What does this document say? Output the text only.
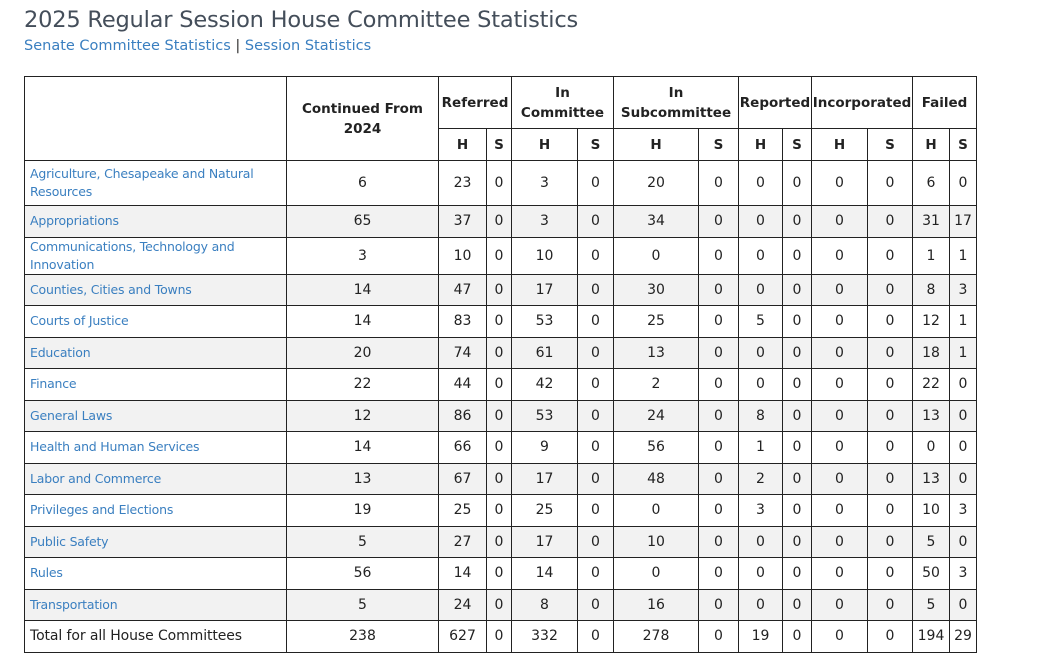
2025 Regular Session House Committee Statistics
Senate Committee Statistics | Session Statistics
	Continued From 2024	Referred		In Committee		In Subcommittee		Reported		Incorporated		Failed	
		H	S	H	S	H	S	H	S	H	S	H	S
Agriculture, Chesapeake and Natural Resources	6	23	0	3	0	20	0	0	0	0	0	6	0
Appropriations	65	37	0	3	0	34	0	0	0	0	0	31	17
Communications, Technology and Innovation	3	10	0	10	0	0	0	0	0	0	0	1	1
Counties, Cities and Towns	14	47	0	17	0	30	0	0	0	0	0	8	3
Courts of Justice	14	83	0	53	0	25	0	5	0	0	0	12	1
Education	20	74	0	61	0	13	0	0	0	0	0	18	1
Finance	22	44	0	42	0	2	0	0	0	0	0	22	0
General Laws	12	86	0	53	0	24	0	8	0	0	0	13	0
Health and Human Services	14	66	0	9	0	56	0	1	0	0	0	0	0
Labor and Commerce	13	67	0	17	0	48	0	2	0	0	0	13	0
Privileges and Elections	19	25	0	25	0	0	0	3	0	0	0	10	3
Public Safety	5	27	0	17	0	10	0	0	0	0	0	5	0
Rules	56	14	0	14	0	0	0	0	0	0	0	50	3
Transportation	5	24	0	8	0	16	0	0	0	0	0	5	0
Total for all House Committees	238	627	0	332	0	278	0	19	0	0	0	194	29
